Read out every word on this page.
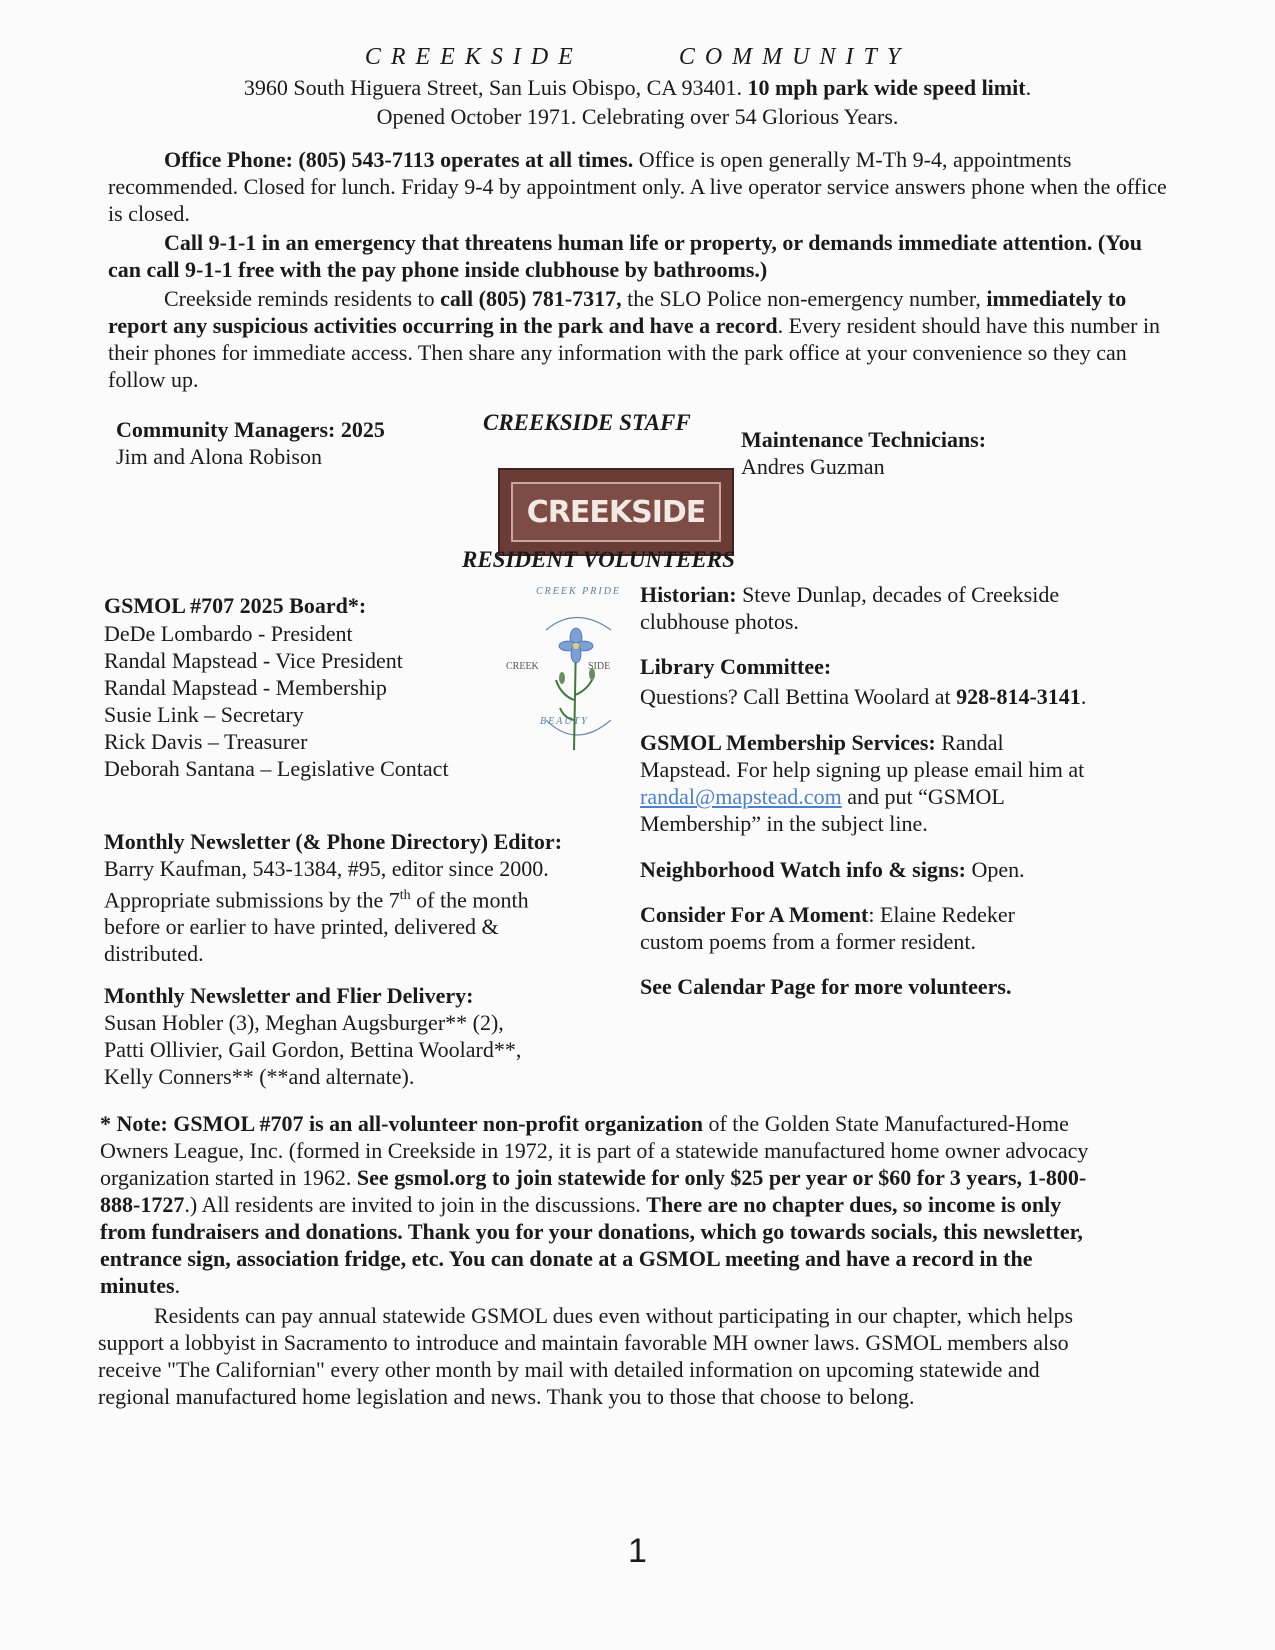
CREEKSIDE	COMMUNITY
3960 South Higuera Street, San Luis Obispo, CA 93401. 10 mph park wide speed limit.
Opened October 1971. Celebrating over 54 Glorious Years.
Office Phone: (805) 543-7113 operates at all times. Office is open generally M-Th 9-4, appointments recommended. Closed for lunch. Friday 9-4 by appointment only. A live operator service answers phone when the office is closed.
Call 9-1-1 in an emergency that threatens human life or property, or demands immediate attention. (You can call 9-1-1 free with the pay phone inside clubhouse by bathrooms.)
Creekside reminds residents to call (805) 781-7317, the SLO Police non-emergency number, immediately to report any suspicious activities occurring in the park and have a record. Every resident should have this number in their phones for immediate access. Then share any information with the park office at your convenience so they can follow up.
Community Managers: 2025
Jim and Alona Robison
CREEKSIDE STAFF
CREEKSIDE
Maintenance Technicians:
Andres Guzman
RESIDENT VOLUNTEERS
GSMOL #707 2025 Board*:
DeDe Lombardo - President
Randal Mapstead - Vice President
Randal Mapstead - Membership
Susie Link – Secretary
Rick Davis – Treasurer
Deborah Santana – Legislative Contact
CREEK PRIDE
CREEK	SIDE
BEAUTY
Monthly Newsletter (& Phone Directory) Editor:
Barry Kaufman, 543-1384, #95, editor since 2000.
Appropriate submissions by the 7th of the month
before or earlier to have printed, delivered &
distributed.
Monthly Newsletter and Flier Delivery:
Susan Hobler (3), Meghan Augsburger** (2),
Patti Ollivier, Gail Gordon, Bettina Woolard**,
Kelly Conners** (**and alternate).
Historian: Steve Dunlap, decades of Creekside
clubhouse photos.
Library Committee:
Questions? Call Bettina Woolard at 928-814-3141.
GSMOL Membership Services: Randal
Mapstead. For help signing up please email him at
randal@mapstead.com and put “GSMOL
Membership” in the subject line.
Neighborhood Watch info & signs: Open.
Consider For A Moment: Elaine Redeker
custom poems from a former resident.
See Calendar Page for more volunteers.
* Note: GSMOL #707 is an all-volunteer non-profit organization of the Golden State Manufactured-Home Owners League, Inc. (formed in Creekside in 1972, it is part of a statewide manufactured home owner advocacy organization started in 1962. See gsmol.org to join statewide for only $25 per year or $60 for 3 years, 1-800-888-1727.) All residents are invited to join in the discussions. There are no chapter dues, so income is only from fundraisers and donations. Thank you for your donations, which go towards socials, this newsletter, entrance sign, association fridge, etc. You can donate at a GSMOL meeting and have a record in the minutes.
Residents can pay annual statewide GSMOL dues even without participating in our chapter, which helps support a lobbyist in Sacramento to introduce and maintain favorable MH owner laws. GSMOL members also receive "The Californian" every other month by mail with detailed information on upcoming statewide and regional manufactured home legislation and news. Thank you to those that choose to belong.
1
